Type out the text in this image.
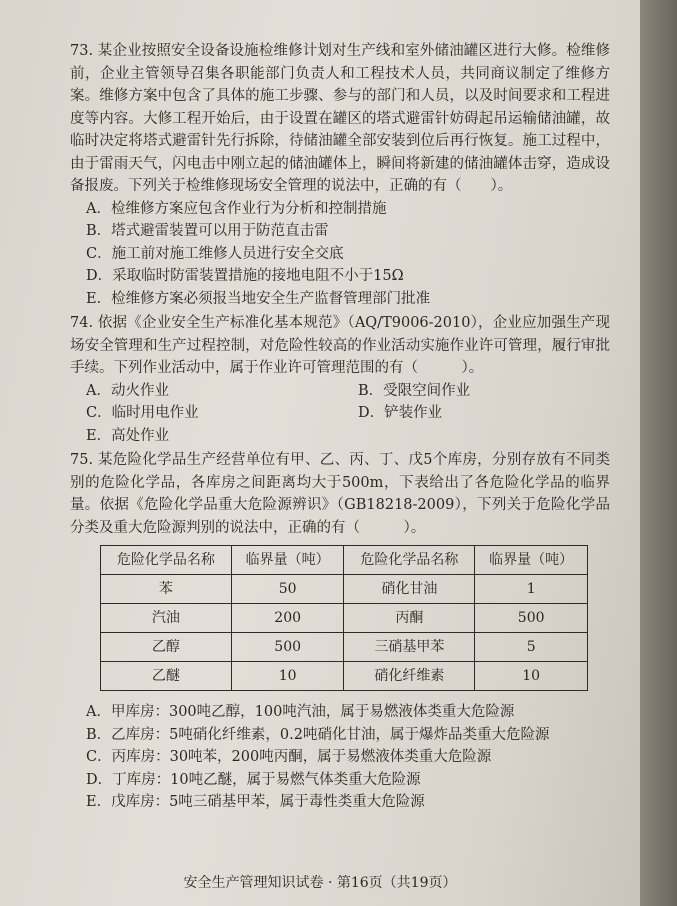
73. 某企业按照安全设备设施检维修计划对生产线和室外储油罐区进行大修。检维修前，企业主管领导召集各职能部门负责人和工程技术人员，共同商议制定了维修方案。维修方案中包含了具体的施工步骤、参与的部门和人员，以及时间要求和工程进度等内容。大修工程开始后，由于设置在罐区的塔式避雷针妨碍起吊运输储油罐，故临时决定将塔式避雷针先行拆除，待储油罐全部安装到位后再行恢复。施工过程中，由于雷雨天气，闪电击中刚立起的储油罐体上，瞬间将新建的储油罐体击穿，造成设备报废。下列关于检维修现场安全管理的说法中，正确的有（　　）。
A．检维修方案应包含作业行为分析和控制措施
B．塔式避雷装置可以用于防范直击雷
C．施工前对施工维修人员进行安全交底
D．采取临时防雷装置措施的接地电阻不小于15Ω
E．检维修方案必须报当地安全生产监督管理部门批准
74. 依据《企业安全生产标准化基本规范》（AQ/T9006-2010），企业应加强生产现场安全管理和生产过程控制，对危险性较高的作业活动实施作业许可管理，履行审批手续。下列作业活动中，属于作业许可管理范围的有（　　　）。
A．动火作业	B．受限空间作业
C．临时用电作业	D．铲装作业
E．高处作业
75. 某危险化学品生产经营单位有甲、乙、丙、丁、戊5个库房，分别存放有不同类别的危险化学品，各库房之间距离均大于500m，下表给出了各危险化学品的临界量。依据《危险化学品重大危险源辨识》（GB18218-2009），下列关于危险化学品分类及重大危险源判别的说法中，正确的有（　　　）。
危险化学品名称	临界量（吨）	危险化学品名称	临界量（吨）
苯	50	硝化甘油	1
汽油	200	丙酮	500
乙醇	500	三硝基甲苯	5
乙醚	10	硝化纤维素	10
A．甲库房：300吨乙醇，100吨汽油，属于易燃液体类重大危险源
B．乙库房：5吨硝化纤维素，0.2吨硝化甘油，属于爆炸品类重大危险源
C．丙库房：30吨苯，200吨丙酮，属于易燃液体类重大危险源
D．丁库房：10吨乙醚，属于易燃气体类重大危险源
E．戊库房：5吨三硝基甲苯，属于毒性类重大危险源
安全生产管理知识试卷 · 第16页（共19页）
